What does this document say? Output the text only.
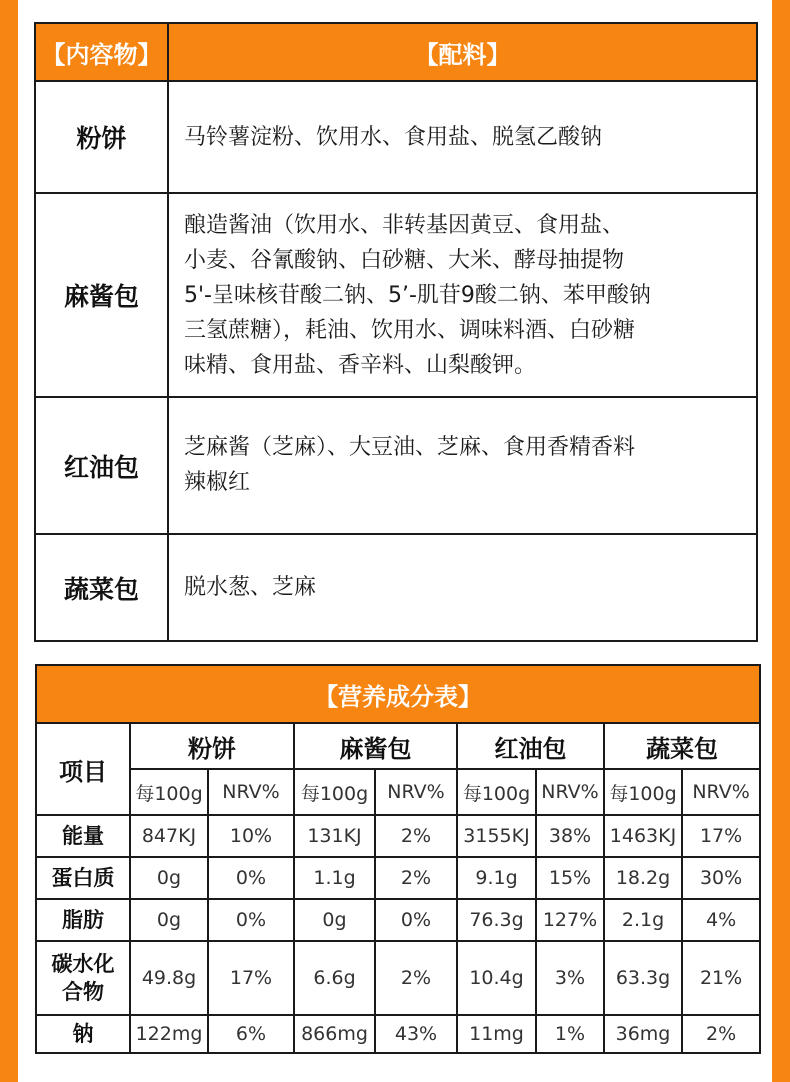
【内容物】	【配料】
粉饼	马铃薯淀粉、饮用水、食用盐、脱氢乙酸钠

麻酱包	酿造酱油（饮用水、非转基因黄豆、食用盐、
小麦、谷氰酸钠、白砂糖、大米、酵母抽提物
5'-呈味核苷酸二钠、5’-肌苷9酸二钠、苯甲酸钠
三氢蔗糖），耗油、饮用水、调味料酒、白砂糖
味精、食用盐、香辛料、山梨酸钾。

红油包	芝麻酱（芝麻）、大豆油、芝麻、食用香精香料
辣椒红

蔬菜包	脱水葱、芝麻
【营养成分表】								
项目	粉饼		麻酱包		红油包		蔬菜包	
	每100g	NRV%	每100g	NRV%	每100g	NRV%	每100g	NRV%

能量	847KJ	10%	131KJ	2%	3155KJ	38%	1463KJ	17%

蛋白质	0g	0%	1.1g	2%	9.1g	15%	18.2g	30%

脂肪	0g	0%	0g	0%	76.3g	127%	2.1g	4%

碳水化
合物	49.8g	17%	6.6g	2%	10.4g	3%	63.3g	21%

钠	122mg	6%	866mg	43%	11mg	1%	36mg	2%
